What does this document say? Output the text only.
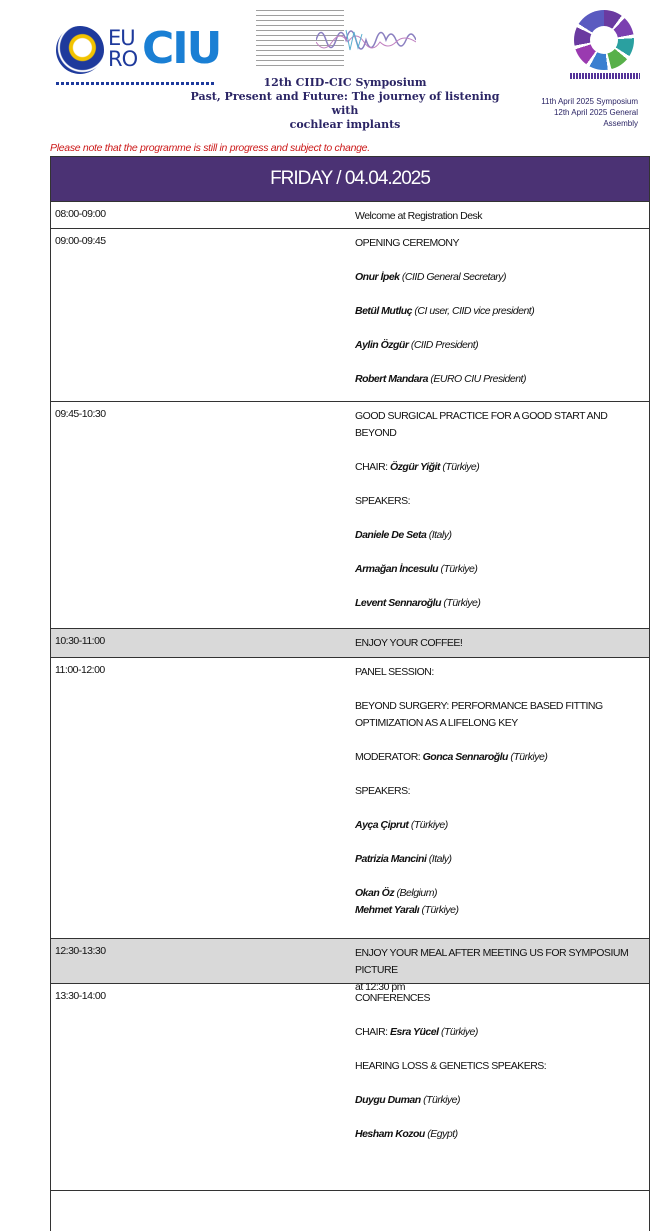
EU
RO CIU
12th CIID-CIC Symposium
Past, Present and Future: The journey of listening with
cochlear implants
11th April 2025 Symposium
12th April 2025 General Assembly
Please note that the programme is still in progress and subject to change.
FRIDAY / 04.04.2025
08:00-09:00	Welcome at Registration Desk
09:00-09:45	OPENING CEREMONY
Onur İpek (CIID General Secretary)
Betül Mutluç (CI user, CIID vice president)
Aylin Özgür (CIID President)
Robert Mandara (EURO CIU President)
09:45-10:30	GOOD SURGICAL PRACTICE FOR A GOOD START AND
BEYOND
CHAIR: Özgür Yiğit (Türkiye)
SPEAKERS:
Daniele De Seta (Italy)
Armağan İncesulu (Türkiye)
Levent Sennaroğlu (Türkiye)
10:30-11:00	ENJOY YOUR COFFEE!
11:00-12:00	PANEL SESSION:
BEYOND SURGERY: PERFORMANCE BASED FITTING
OPTIMIZATION AS A LIFELONG KEY
MODERATOR: Gonca Sennaroğlu (Türkiye)
SPEAKERS:
Ayça Çiprut (Türkiye)
Patrizia Mancini (Italy)
Okan Öz (Belgium)
Mehmet Yaralı (Türkiye)
12:30-13:30	ENJOY YOUR MEAL AFTER MEETING US FOR SYMPOSIUM PICTURE
at 12:30 pm
13:30-14:00	CONFERENCES
CHAIR: Esra Yücel (Türkiye)
HEARING LOSS & GENETICS SPEAKERS:
Duygu Duman (Türkiye)
Hesham Kozou (Egypt)
